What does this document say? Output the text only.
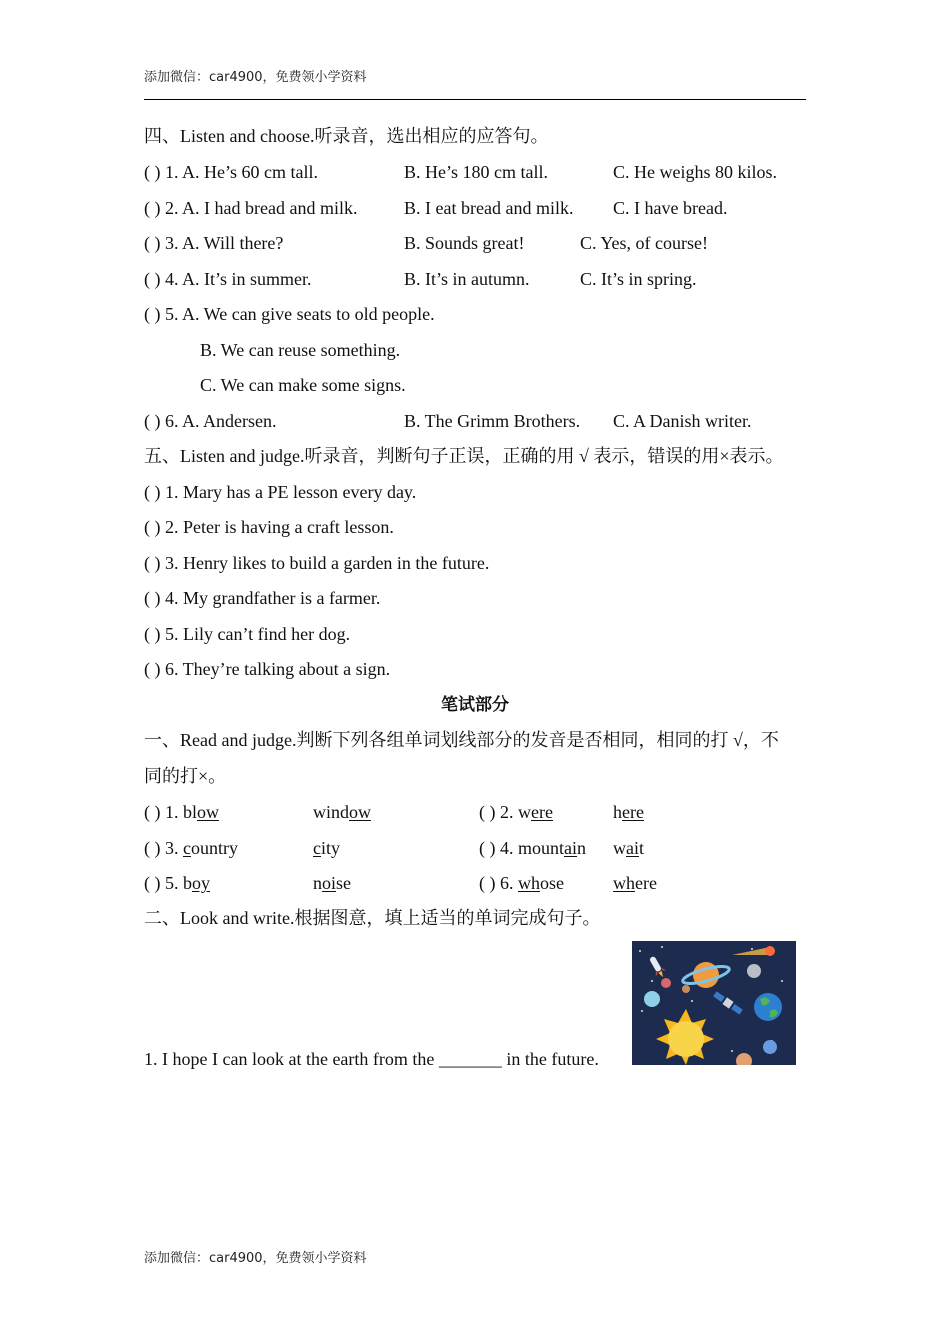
添加微信：car4900，免费领小学资料
四、Listen and choose.听录音，选出相应的应答句。
( ) 1. A. He’s 60 cm tall.	B. He’s 180 cm tall.	C. He weighs 80 kilos.
( ) 2. A. I had bread and milk.	B. I eat bread and milk. C. I have bread.
( ) 3. A. Will there?	B. Sounds great!	C. Yes, of course!
( ) 4. A. It’s in summer.	B. It’s in autumn.	C. It’s in spring.
( ) 5. A. We can give seats to old people.
B. We can reuse something.
C. We can make some signs.
( ) 6. A. Andersen.	B. The Grimm Brothers. C. A Danish writer.
五、Listen and judge.听录音，判断句子正误，正确的用 √ 表示，错误的用×表示。
( ) 1. Mary has a PE lesson every day.
( ) 2. Peter is having a craft lesson.
( ) 3. Henry likes to build a garden in the future.
( ) 4. My grandfather is a farmer.
( ) 5. Lily can’t find her dog.
( ) 6. They’re talking about a sign.
笔试部分
一、Read and judge.判断下列各组单词划线部分的发音是否相同，相同的打 √，不
同的打×。
( ) 1. blow	window	( ) 2. were	here
( ) 3. country	city	( ) 4. mountain wait
( ) 5. boy	noise	( ) 6. whose	where
二、Look and write.根据图意，填上适当的单词完成句子。
1. I hope I can look at the earth from the _______ in the future.
添加微信：car4900，免费领小学资料
